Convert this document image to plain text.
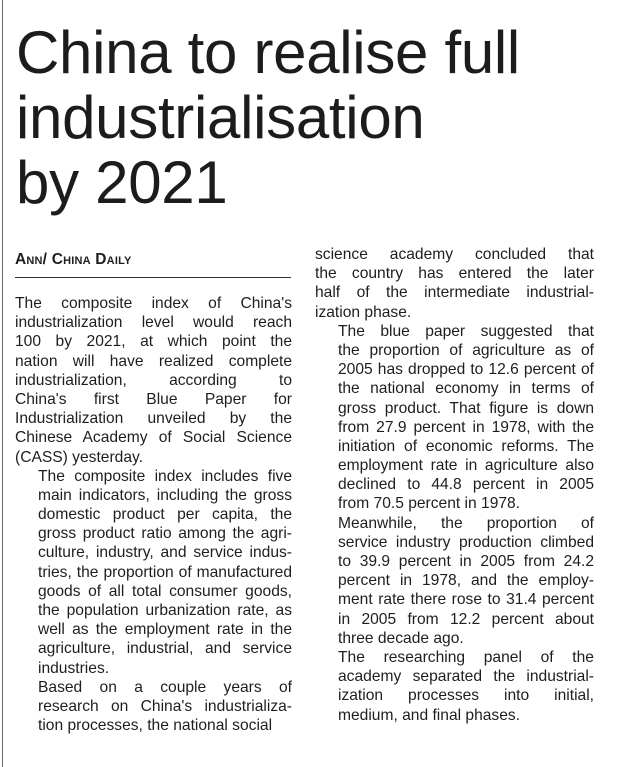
China to realise full
industrialisation
by 2021
Ann/ China Daily

The composite index of China's
industrialization level would reach
100 by 2021, at which point the
nation will have realized complete
industrialization, according to
China's first Blue Paper for
Industrialization unveiled by the
Chinese Academy of Social Science
(CASS) yesterday.

The composite index includes five
main indicators, including the gross
domestic product per capita, the
gross product ratio among the agri-
culture, industry, and service indus-
tries, the proportion of manufactured
goods of all total consumer goods,
the population urbanization rate, as
well as the employment rate in the
agriculture, industrial, and service
industries.

Based on a couple years of
research on China's industrializa-
tion processes, the national social

science academy concluded that
the country has entered the later
half of the intermediate industrial-
ization phase.

The blue paper suggested that
the proportion of agriculture as of
2005 has dropped to 12.6 percent of
the national economy in terms of
gross product. That figure is down
from 27.9 percent in 1978, with the
initiation of economic reforms. The
employment rate in agriculture also
declined to 44.8 percent in 2005
from 70.5 percent in 1978.

Meanwhile, the proportion of
service industry production climbed
to 39.9 percent in 2005 from 24.2
percent in 1978, and the employ-
ment rate there rose to 31.4 percent
in 2005 from 12.2 percent about
three decade ago.

The researching panel of the
academy separated the industrial-
ization processes into initial,
medium, and final phases.
